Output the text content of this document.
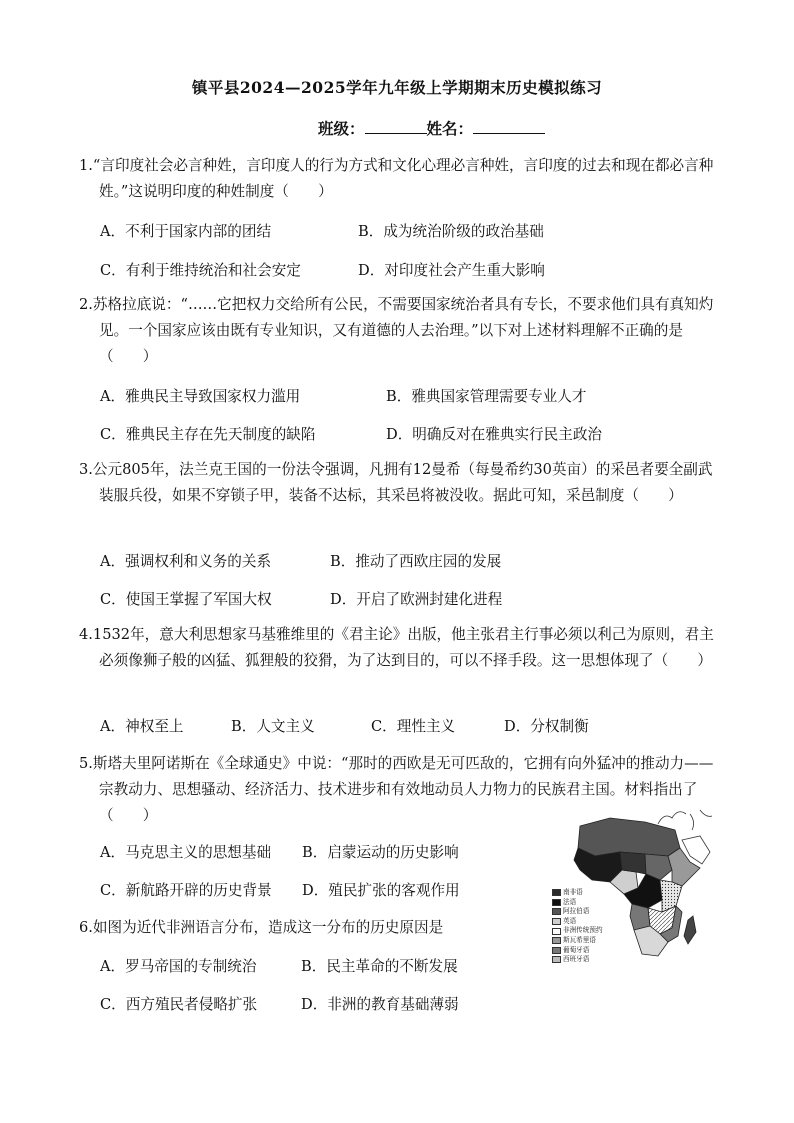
镇平县2024—2025学年九年级上学期期末历史模拟练习
班级：	姓名：
1.“言印度社会必言种姓，言印度人的行为方式和文化心理必言种姓，言印度的过去和现在都必言种姓。”这说明印度的种姓制度（　　）
A．不利于国家内部的团结	B．成为统治阶级的政治基础
C．有利于维持统治和社会安定	D．对印度社会产生重大影响
2.苏格拉底说：“……它把权力交给所有公民，不需要国家统治者具有专长，不要求他们具有真知灼见。一个国家应该由既有专业知识，又有道德的人去治理。”以下对上述材料理解不正确的是（　　）
A．雅典民主导致国家权力滥用	B．雅典国家管理需要专业人才
C．雅典民主存在先天制度的缺陷	D．明确反对在雅典实行民主政治
3.公元805年，法兰克王国的一份法令强调，凡拥有12曼希（每曼希约30英亩）的采邑者要全副武装服兵役，如果不穿锁子甲，装备不达标，其采邑将被没收。据此可知，采邑制度（　　）
A．强调权利和义务的关系	B．推动了西欧庄园的发展
C．使国王掌握了军国大权	D．开启了欧洲封建化进程
4.1532年，意大利思想家马基雅维里的《君主论》出版，他主张君主行事必须以利己为原则，君主必须像狮子般的凶猛、狐狸般的狡猾，为了达到目的，可以不择手段。这一思想体现了（　　）
A．神权至上	B．人文主义	C．理性主义	D．分权制衡
5.斯塔夫里阿诺斯在《全球通史》中说：“那时的西欧是无可匹敌的，它拥有向外猛冲的推动力——宗教动力、思想骚动、经济活力、技术进步和有效地动员人力物力的民族君主国。材料指出了（　　）
A．马克思主义的思想基础 B．启蒙运动的历史影响
C．新航路开辟的历史背景 D．殖民扩张的客观作用
6.如图为近代非洲语言分布，造成这一分布的历史原因是
A．罗马帝国的专制统治	B．民主革命的不断发展
C．西方殖民者侵略扩张	D．非洲的教育基础薄弱
南非语
法语
阿拉伯语
英语
非洲传统预约
斯瓦希里语
葡萄牙语
西班牙语
